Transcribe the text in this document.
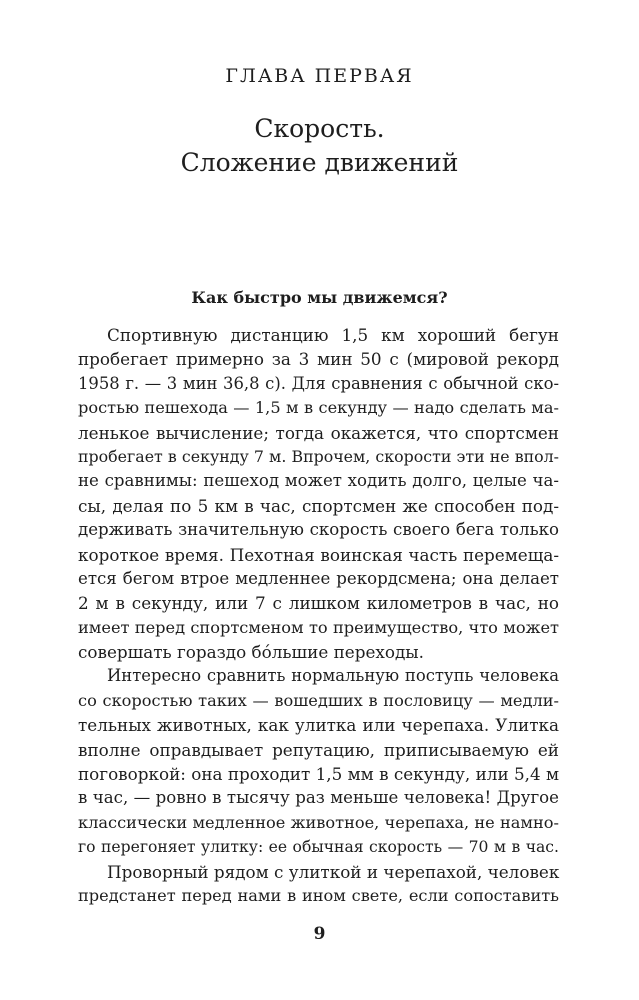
ГЛАВА ПЕРВАЯ
Скорость.
Сложение движений
Как быстро мы движемся?
Спортивную дистанцию 1,5 км хороший бегун
пробегает примерно за 3 мин 50 с (мировой рекорд
1958 г. — 3 мин 36,8 с). Для сравнения с обычной ско-
ростью пешехода — 1,5 м в секунду — надо сделать ма-
ленькое вычисление; тогда окажется, что спортсмен
пробегает в секунду 7 м. Впрочем, скорости эти не впол-
не сравнимы: пешеход может ходить долго, целые ча-
сы, делая по 5 км в час, спортсмен же способен под-
держивать значительную скорость своего бега только
короткое время. Пехотная воинская часть перемеща-
ется бегом втрое медленнее рекордсмена; она делает
2 м в секунду, или 7 с лишком километров в час, но
имеет перед спортсменом то преимущество, что может
совершать гораздо бóльшие переходы.
Интересно сравнить нормальную поступь человека
со скоростью таких — вошедших в пословицу — медли-
тельных животных, как улитка или черепаха. Улитка
вполне оправдывает репутацию, приписываемую ей
поговоркой: она проходит 1,5 мм в секунду, или 5,4 м
в час, — ровно в тысячу раз меньше человека! Другое
классически медленное животное, черепаха, не намно-
го перегоняет улитку: ее обычная скорость — 70 м в час.
Проворный рядом с улиткой и черепахой, человек
предстанет перед нами в ином свете, если сопоставить
9
